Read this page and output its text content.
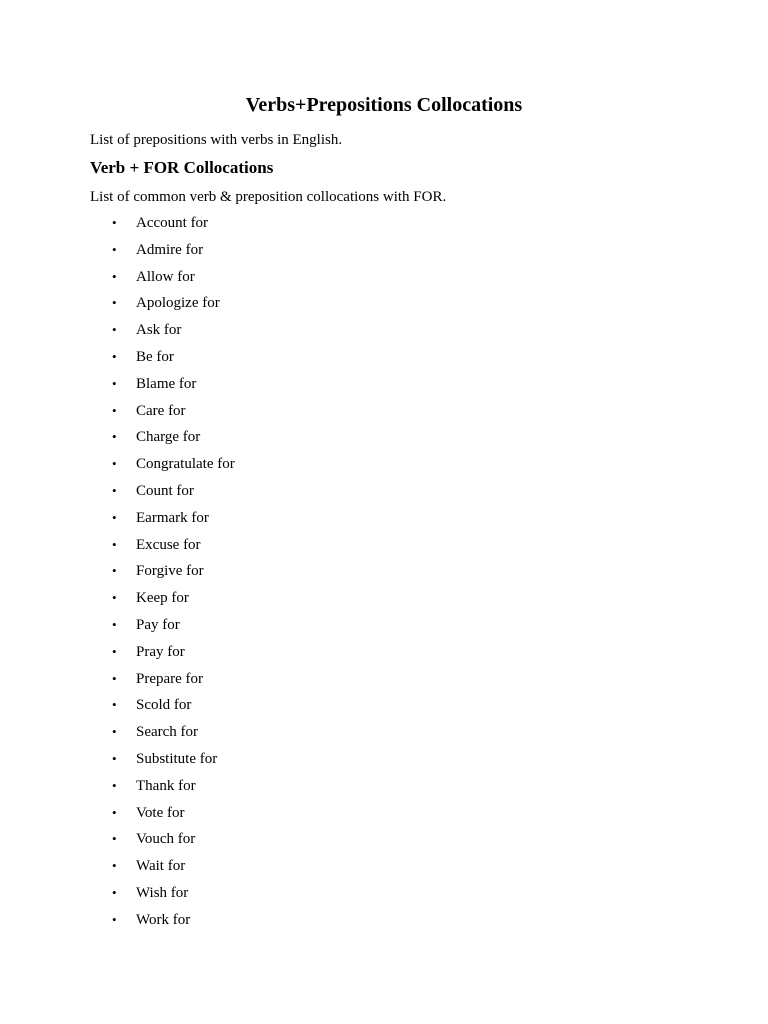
Verbs+Prepositions Collocations

List of prepositions with verbs in English.

Verb + FOR Collocations

List of common verb & preposition collocations with FOR.

• Account for
• Admire for
• Allow for
• Apologize for
• Ask for
• Be for
• Blame for
• Care for
• Charge for
• Congratulate for
• Count for
• Earmark for
• Excuse for
• Forgive for
• Keep for
• Pay for
• Pray for
• Prepare for
• Scold for
• Search for
• Substitute for
• Thank for
• Vote for
• Vouch for
• Wait for
• Wish for
• Work for
